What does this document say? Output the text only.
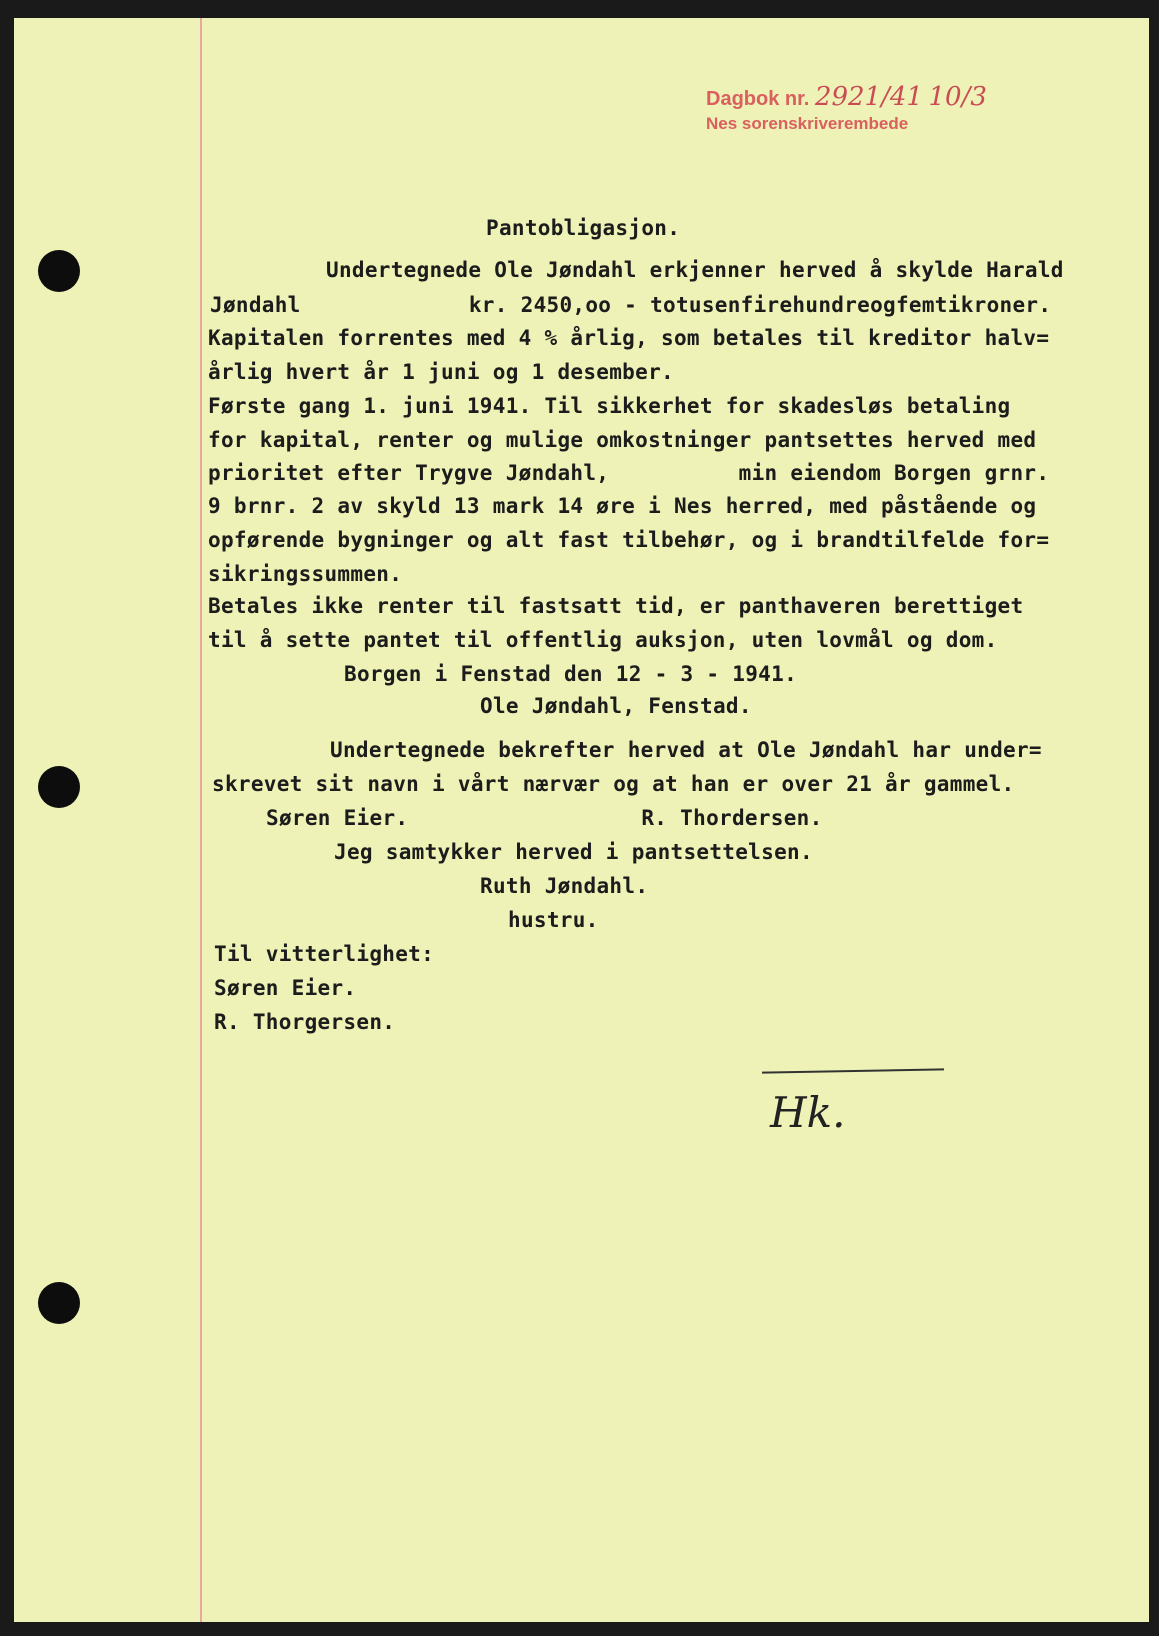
Dagbok nr. 2921/41 10/3
Nes sorenskriverembede
Pantobligasjon.
Undertegnede Ole Jøndahl erkjenner herved å skylde Harald
Jøndahl             kr. 2450,oo - totusenfirehundreogfemtikroner.
Kapitalen forrentes med 4 % årlig, som betales til kreditor halv=
årlig hvert år 1 juni og 1 desember.
Første gang 1. juni 1941. Til sikkerhet for skadesløs betaling
for kapital, renter og mulige omkostninger pantsettes herved med
prioritet efter Trygve Jøndahl,          min eiendom Borgen grnr.
9 brnr. 2 av skyld 13 mark 14 øre i Nes herred, med påstående og
opførende bygninger og alt fast tilbehør, og i brandtilfelde for=
sikringssummen.
Betales ikke renter til fastsatt tid, er panthaveren berettiget
til å sette pantet til offentlig auksjon, uten lovmål og dom.
Borgen i Fenstad den 12 - 3 - 1941.
Ole Jøndahl, Fenstad.
Undertegnede bekrefter herved at Ole Jøndahl har under=
skrevet sit navn i vårt nærvær og at han er over 21 år gammel.
Søren Eier.                  R. Thordersen.
Jeg samtykker herved i pantsettelsen.
Ruth Jøndahl.
hustru.
Til vitterlighet:
Søren Eier.
R. Thorgersen.
Hk.
